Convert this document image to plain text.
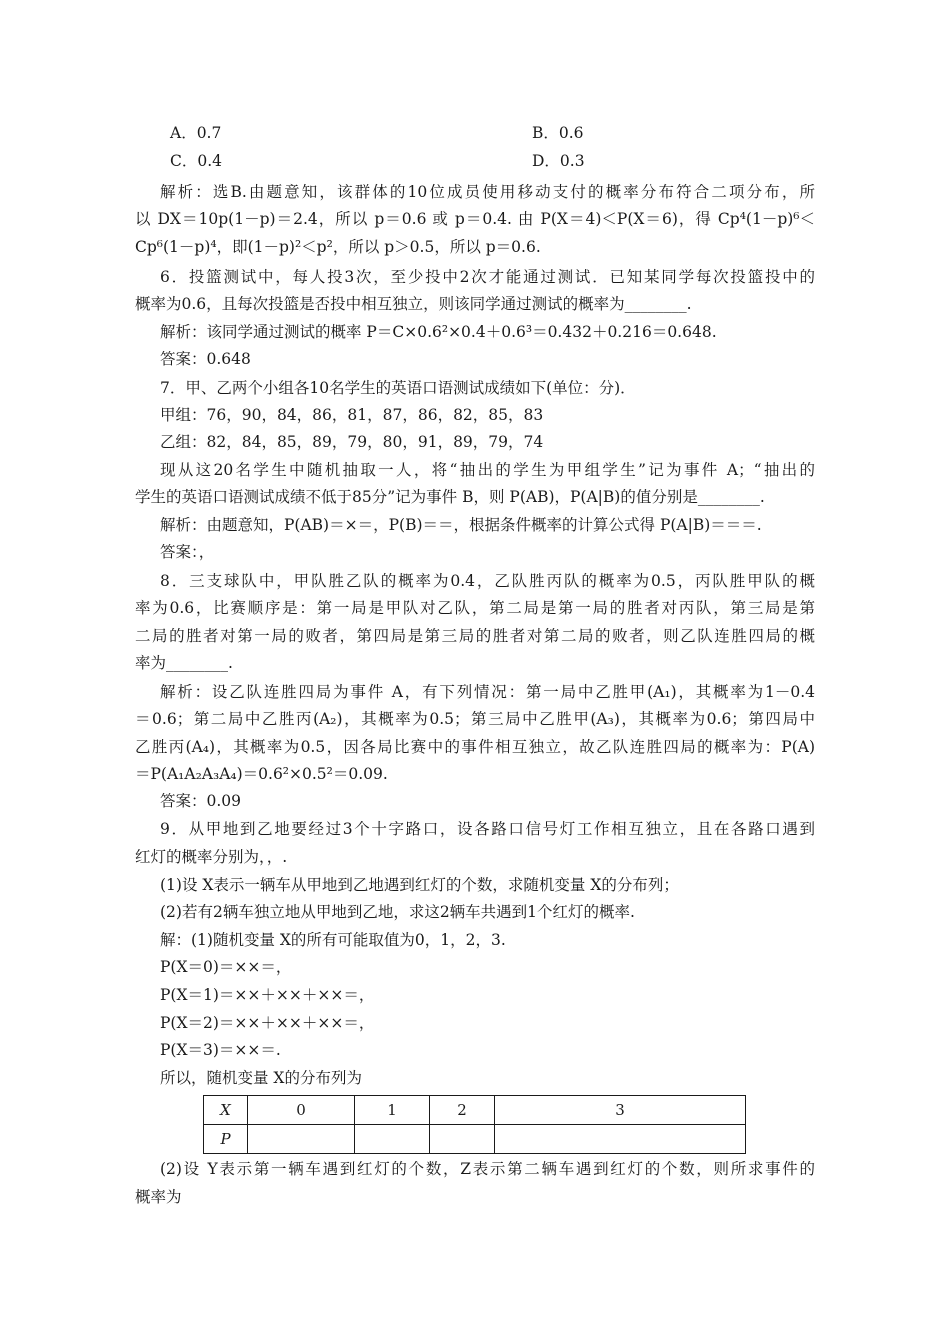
A．0.7	B．0.6
C．0.4	D．0.3
解析：选B.由题意知，该群体的10位成员使用移动支付的概率分布符合二项分布，所
以 DX＝10p(1－p)＝2.4，所以 p＝0.6 或 p＝0.4. 由 P(X＝4)＜P(X＝6)，得 Cp⁴(1－p)⁶＜
Cp⁶(1－p)⁴，即(1－p)²＜p²，所以 p＞0.5，所以 p＝0.6.
6．投篮测试中，每人投3次，至少投中2次才能通过测试．已知某同学每次投篮投中的
概率为0.6，且每次投篮是否投中相互独立，则该同学通过测试的概率为________.
解析：该同学通过测试的概率 P＝C×0.6²×0.4＋0.6³＝0.432＋0.216＝0.648.
答案：0.648
7．甲、乙两个小组各10名学生的英语口语测试成绩如下(单位：分)．
甲组：76，90，84，86，81，87，86，82，85，83
乙组：82，84，85，89，79，80，91，89，79，74
现从这20名学生中随机抽取一人，将“抽出的学生为甲组学生”记为事件 A；“抽出的
学生的英语口语测试成绩不低于85分”记为事件 B，则 P(AB)，P(A|B)的值分别是________.
解析：由题意知，P(AB)＝×＝，P(B)＝＝，根据条件概率的计算公式得 P(A|B)＝＝＝.
答案：，
8．三支球队中，甲队胜乙队的概率为0.4，乙队胜丙队的概率为0.5，丙队胜甲队的概
率为0.6，比赛顺序是：第一局是甲队对乙队，第二局是第一局的胜者对丙队，第三局是第
二局的胜者对第一局的败者，第四局是第三局的胜者对第二局的败者，则乙队连胜四局的概
率为________.
解析：设乙队连胜四局为事件 A，有下列情况：第一局中乙胜甲(A₁)，其概率为1－0.4
＝0.6；第二局中乙胜丙(A₂)，其概率为0.5；第三局中乙胜甲(A₃)，其概率为0.6；第四局中
乙胜丙(A₄)，其概率为0.5，因各局比赛中的事件相互独立，故乙队连胜四局的概率为：P(A)
＝P(A₁A₂A₃A₄)＝0.6²×0.5²＝0.09.
答案：0.09
9．从甲地到乙地要经过3个十字路口，设各路口信号灯工作相互独立，且在各路口遇到
红灯的概率分别为，，.
(1)设 X表示一辆车从甲地到乙地遇到红灯的个数，求随机变量 X的分布列；
(2)若有2辆车独立地从甲地到乙地，求这2辆车共遇到1个红灯的概率.
解：(1)随机变量 X的所有可能取值为0，1，2，3.
P(X＝0)＝××＝，
P(X＝1)＝××＋××＋××＝，
P(X＝2)＝××＋××＋××＝，
P(X＝3)＝××＝.
所以，随机变量 X的分布列为
X	0	1	2	3
P				
(2)设 Y表示第一辆车遇到红灯的个数，Z表示第二辆车遇到红灯的个数，则所求事件的
概率为
